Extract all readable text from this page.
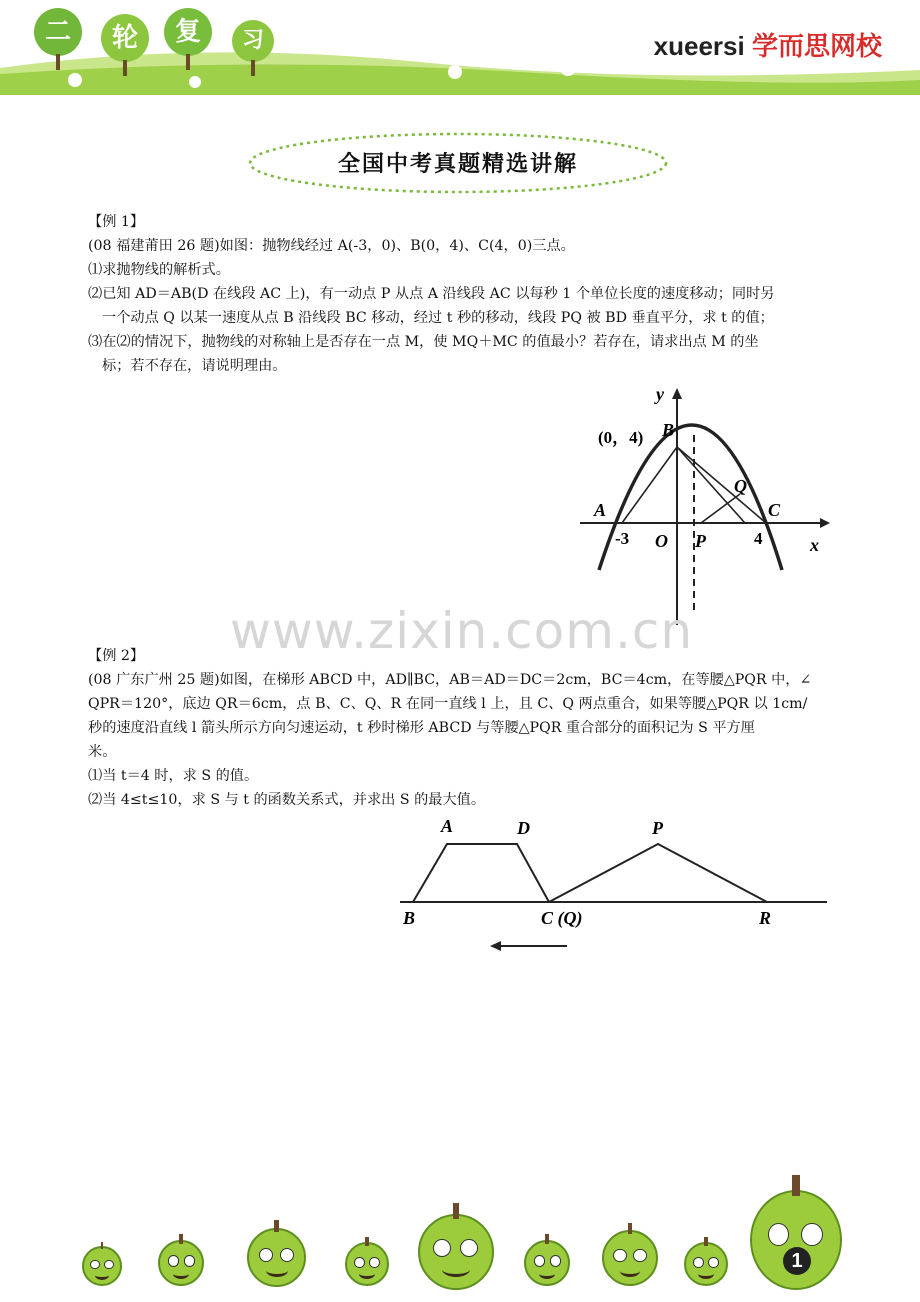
二	轮	复	习	xueersi 学而思网校
全国中考真题精选讲解
【例 1】
(08 福建莆田 26 题)如图：抛物线经过 A(-3，0)、B(0，4)、C(4，0)三点。
⑴求抛物线的解析式。
⑵已知 AD＝AB(D 在线段 AC 上)，有一动点 P 从点 A 沿线段 AC 以每秒 1 个单位长度的速度移动；同时另
一个动点 Q 以某一速度从点 B 沿线段 BC 移动，经过 t 秒的移动，线段 PQ 被 BD 垂直平分，求 t 的值；
⑶在⑵的情况下，抛物线的对称轴上是否存在一点 M，使 MQ＋MC 的值最小？若存在，请求出点 M 的坐
标；若不存在，请说明理由。
y
x
(0，4) B
A	C
Q
O P
-3	4
www.zixin.com.cn
【例 2】
(08 广东广州 25 题)如图，在梯形 ABCD 中，AD∥BC，AB＝AD＝DC＝2cm，BC＝4cm，在等腰△PQR 中，∠
QPR＝120°，底边 QR＝6cm，点 B、C、Q、R 在同一直线 l 上，且 C、Q 两点重合，如果等腰△PQR 以 1cm/
秒的速度沿直线 l 箭头所示方向匀速运动，t 秒时梯形 ABCD 与等腰△PQR 重合部分的面积记为 S 平方厘
米。
⑴当 t＝4 时，求 S 的值。
⑵当 4≤t≤10，求 S 与 t 的函数关系式，并求出 S 的最大值。
A	D	P
B	C (Q)	R
1
